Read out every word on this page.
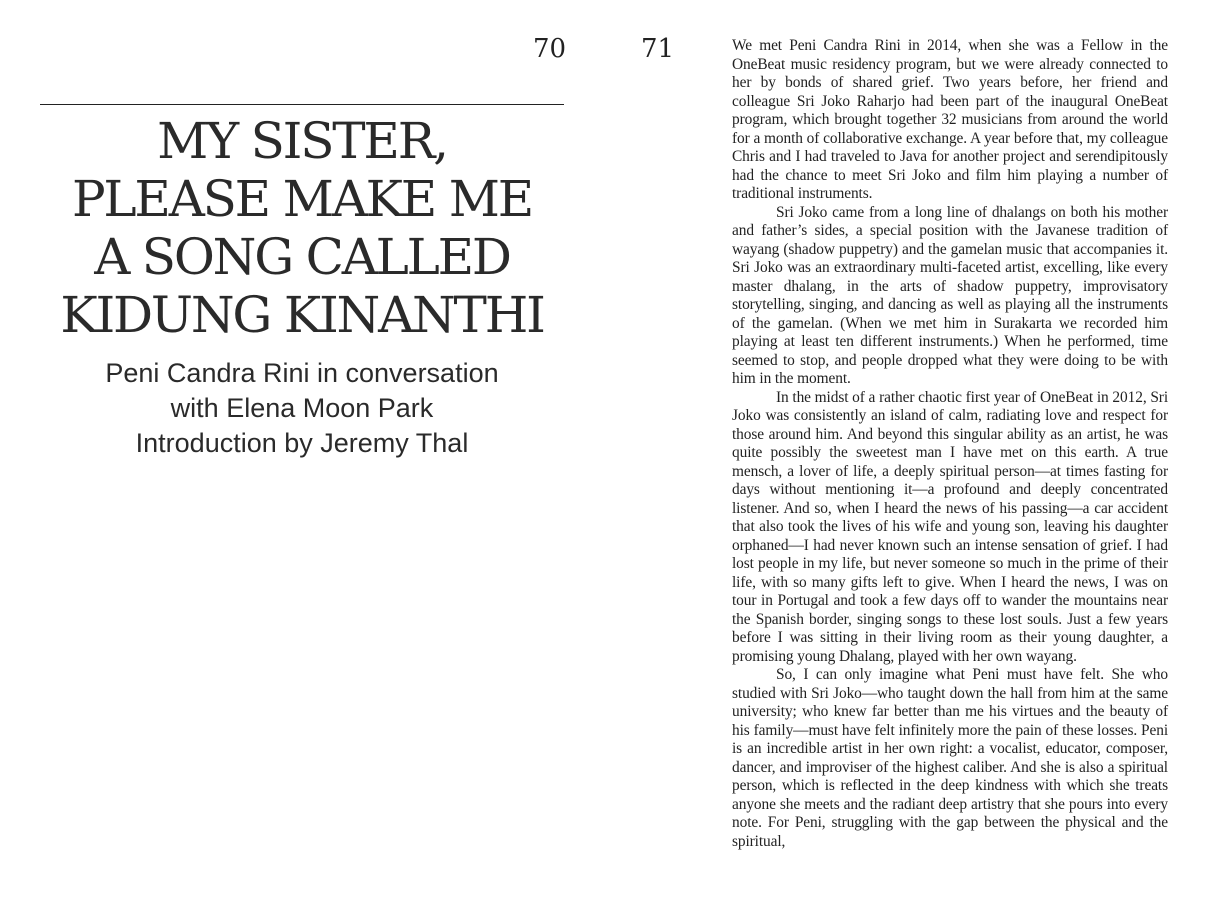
70
MY SISTER,
PLEASE MAKE ME
A SONG CALLED
KIDUNG KINANTHI
Peni Candra Rini in conversation
with Elena Moon Park
Introduction by Jeremy Thal
71	We met Peni Candra Rini in 2014, when she was a Fellow in the OneBeat music residency program, but we were already connected to her by bonds of shared grief. Two years before, her friend and colleague Sri Joko Raharjo had been part of the inaugural OneBeat program, which brought together 32 musicians from around the world for a month of collaborative exchange. A year before that, my colleague Chris and I had traveled to Java for another project and serendipitously had the chance to meet Sri Joko and film him playing a number of traditional instruments.

Sri Joko came from a long line of dhalangs on both his mother and father’s sides, a special position with the Javanese tradition of wayang (shadow puppetry) and the gamelan music that accompanies it. Sri Joko was an extraordinary multi-faceted artist, excelling, like every master dhalang, in the arts of shadow puppetry, improvisatory storytelling, singing, and dancing as well as playing all the instruments of the gamelan. (When we met him in Surakarta we recorded him playing at least ten different instruments.) When he performed, time seemed to stop, and people dropped what they were doing to be with him in the moment.

In the midst of a rather chaotic first year of OneBeat in 2012, Sri Joko was consistently an island of calm, radiating love and respect for those around him. And beyond this singular ability as an artist, he was quite possibly the sweetest man I have met on this earth. A true mensch, a lover of life, a deeply spiritual person—at times fasting for days without mentioning it—a profound and deeply concentrated listener. And so, when I heard the news of his passing—a car accident that also took the lives of his wife and young son, leaving his daughter orphaned—I had never known such an intense sensation of grief. I had lost people in my life, but never someone so much in the prime of their life, with so many gifts left to give. When I heard the news, I was on tour in Portugal and took a few days off to wander the mountains near the Spanish border, singing songs to these lost souls. Just a few years before I was sitting in their living room as their young daughter, a promising young Dhalang, played with her own wayang.

So, I can only imagine what Peni must have felt. She who studied with Sri Joko—who taught down the hall from him at the same university; who knew far better than me his virtues and the beauty of his family—must have felt infinitely more the pain of these losses. Peni is an incredible artist in her own right: a vocalist, educator, composer, dancer, and improviser of the highest caliber. And she is also a spiritual person, which is reflected in the deep kindness with which she treats anyone she meets and the radiant deep artistry that she pours into every note. For Peni, struggling with the gap between the physical and the spiritual,
